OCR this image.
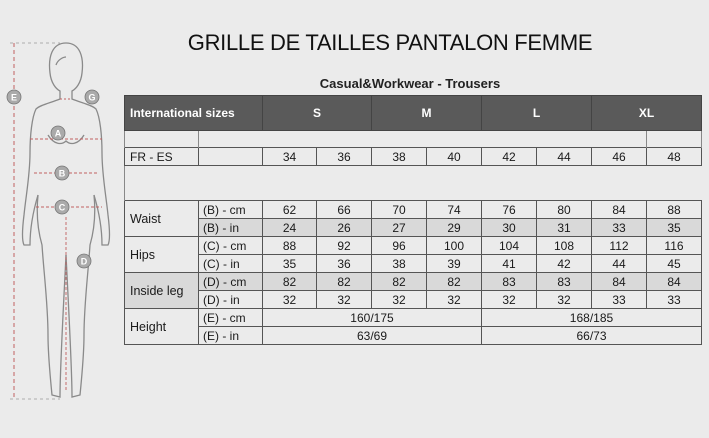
GRILLE DE TAILLES PANTALON FEMME
E	G
A
B
C
D
Casual&Workwear - Trousers
International sizes		S		M		L		XL	

FR - ES		34	36	38	40	42	44	46	48

Waist	(B) - cm	62	66	70	74	76	80	84	88
	(B) - in	24	26	27	29	30	31	33	35
Hips	(C) - cm	88	92	96	100	104	108	112	116
	(C) - in	35	36	38	39	41	42	44	45
Inside leg	(D) - cm	82	82	82	82	83	83	84	84
	(D) - in	32	32	32	32	32	32	33	33
Height	(E) - cm	160/175				168/185			
	(E) - in	63/69				66/73			
